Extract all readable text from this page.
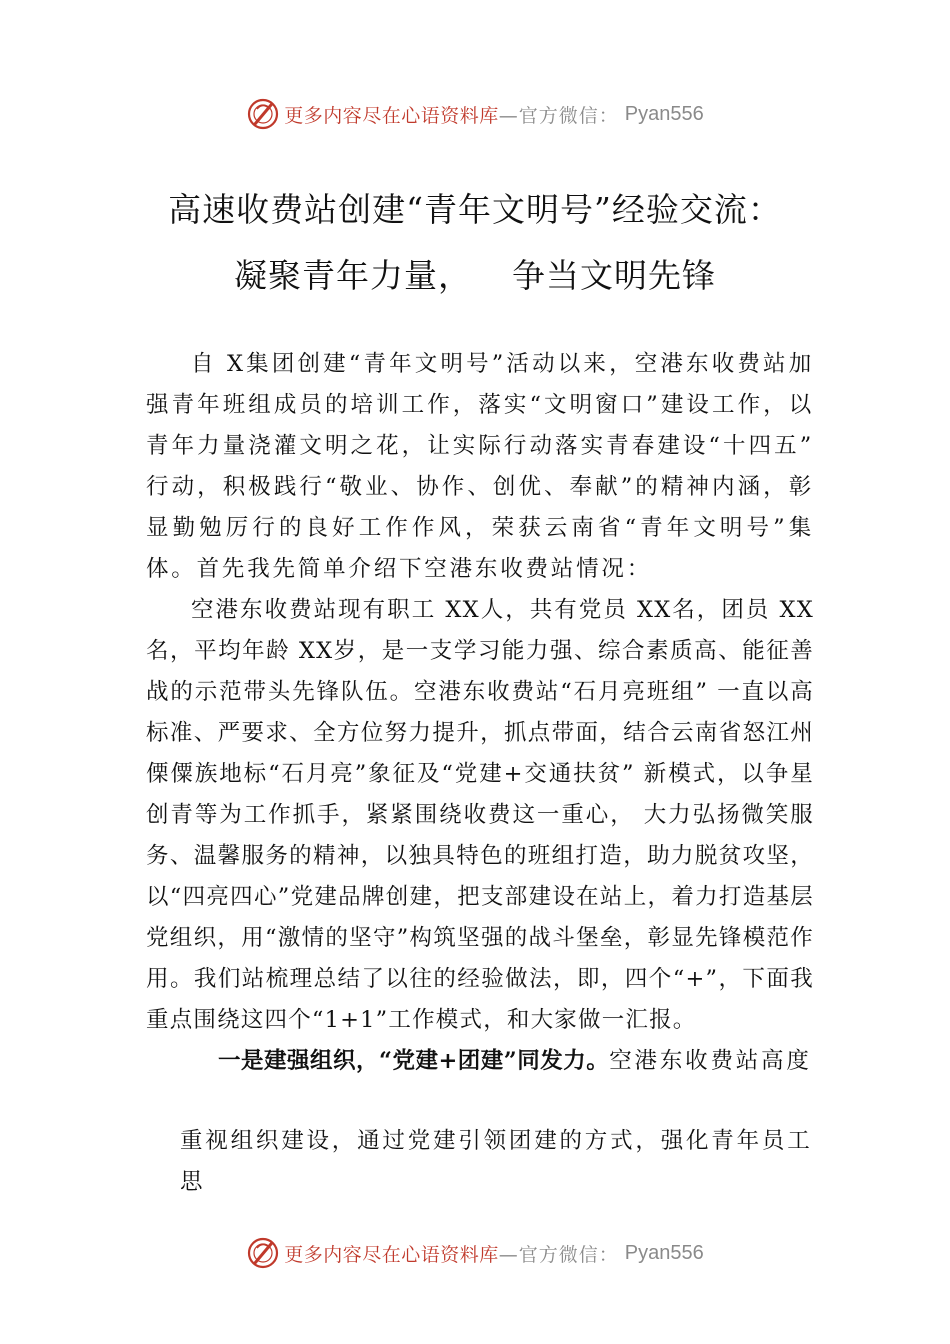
更多内容尽在心语资料库 —官方微信： Pyan556
高速收费站创建“青年文明号”经验交流：
凝聚青年力量， 争当文明先锋

自 X集团创建“青年文明号”活动以来，空港东收费站加强青年班组成员的培训工作，落实“文明窗口”建设工作，以青年力量浇灌文明之花，让实际行动落实青春建设“十四五” 行动，积极践行“敬业、协作、创优、奉献”的精神内涵，彰显勤勉厉行的良好工作作风，荣获云南省“青年文明号”集体。首先我先简单介绍下空港东收费站情况：

空港东收费站现有职工 XX人，共有党员 XX名，团员 XX名，平均年龄 XX岁，是一支学习能力强、综合素质高、能征善战的示范带头先锋队伍。空港东收费站“石月亮班组” 一直以高标准、严要求、全方位努力提升，抓点带面，结合云南省怒江州傈僳族地标“石月亮”象征及“党建+交通扶贫” 新模式，以争星创青等为工作抓手，紧紧围绕收费这一重心， 大力弘扬微笑服务、温馨服务的精神，以独具特色的班组打造，助力脱贫攻坚，以“四亮四心”党建品牌创建，把支部建设在站上，着力打造基层党组织，用“激情的坚守”构筑坚强的战斗堡垒，彰显先锋模范作用。我们站梳理总结了以往的经验做法，即，四个“+”，下面我重点围绕这四个“1+1”工作模式，和大家做一汇报。

一是建强组织，“党建+团建”同发力。空港东收费站高度

重视组织建设，通过党建引领团建的方式，强化青年员工思
更多内容尽在心语资料库 —官方微信： Pyan556
